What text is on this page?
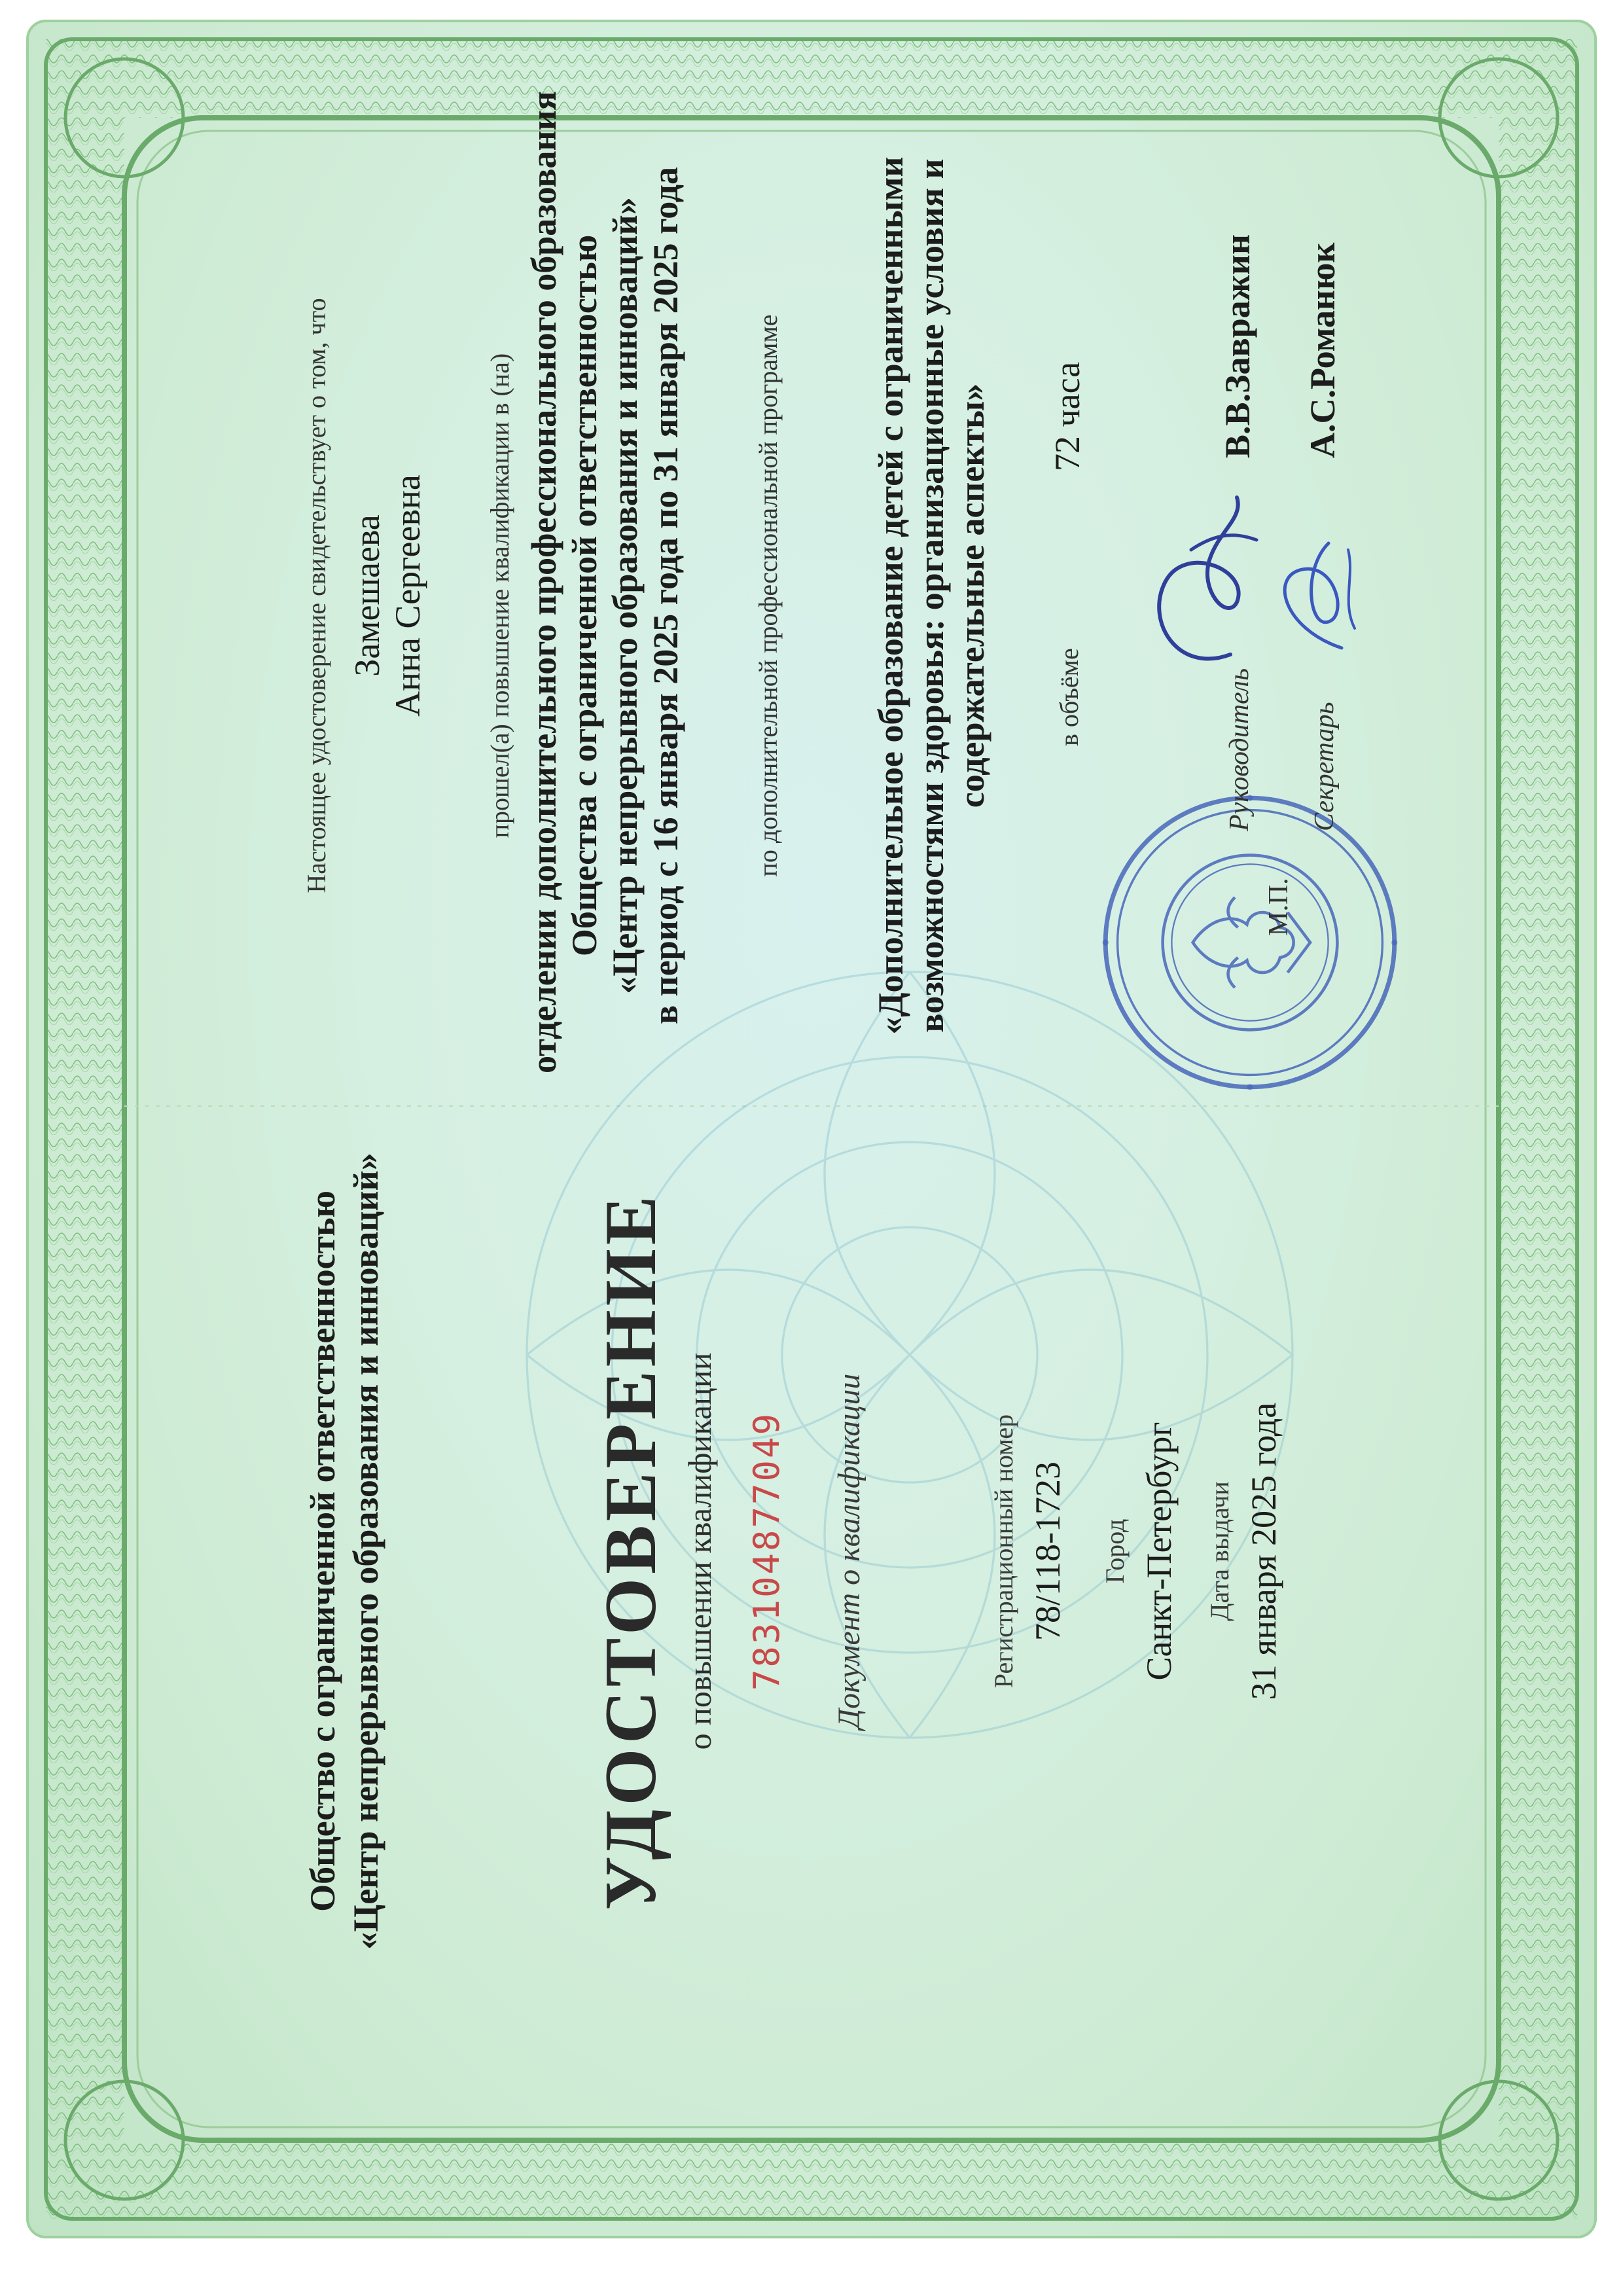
Общество с ограниченной ответственностью «Центр непрерывного образования и инноваций»	УДОСТОВЕРЕНИЕ о повышении квалификации 783104877049 Документ о квалификации	Регистрационный номер 78/118-1723 Город Санкт-Петербург Дата выдачи 31 января 2025 года
Настоящее удостоверение свидетельствует о том, что Замешаева Анна Сергеевна прошел(а) повышение квалификации в (на) отделении дополнительного профессионального образования Общества с ограниченной ответственностью «Центр непрерывного образования и инноваций» в период с 16 января 2025 года по 31 января 2025 года	по дополнительной профессиональной программе	«Дополнительное образование детей с ограниченными возможностями здоровья: организационные условия и содержательные аспекты» в объёме
72 часа
М.П.
Руководитель
В.В.Завражин
Секретарь
А.С.Романюк
